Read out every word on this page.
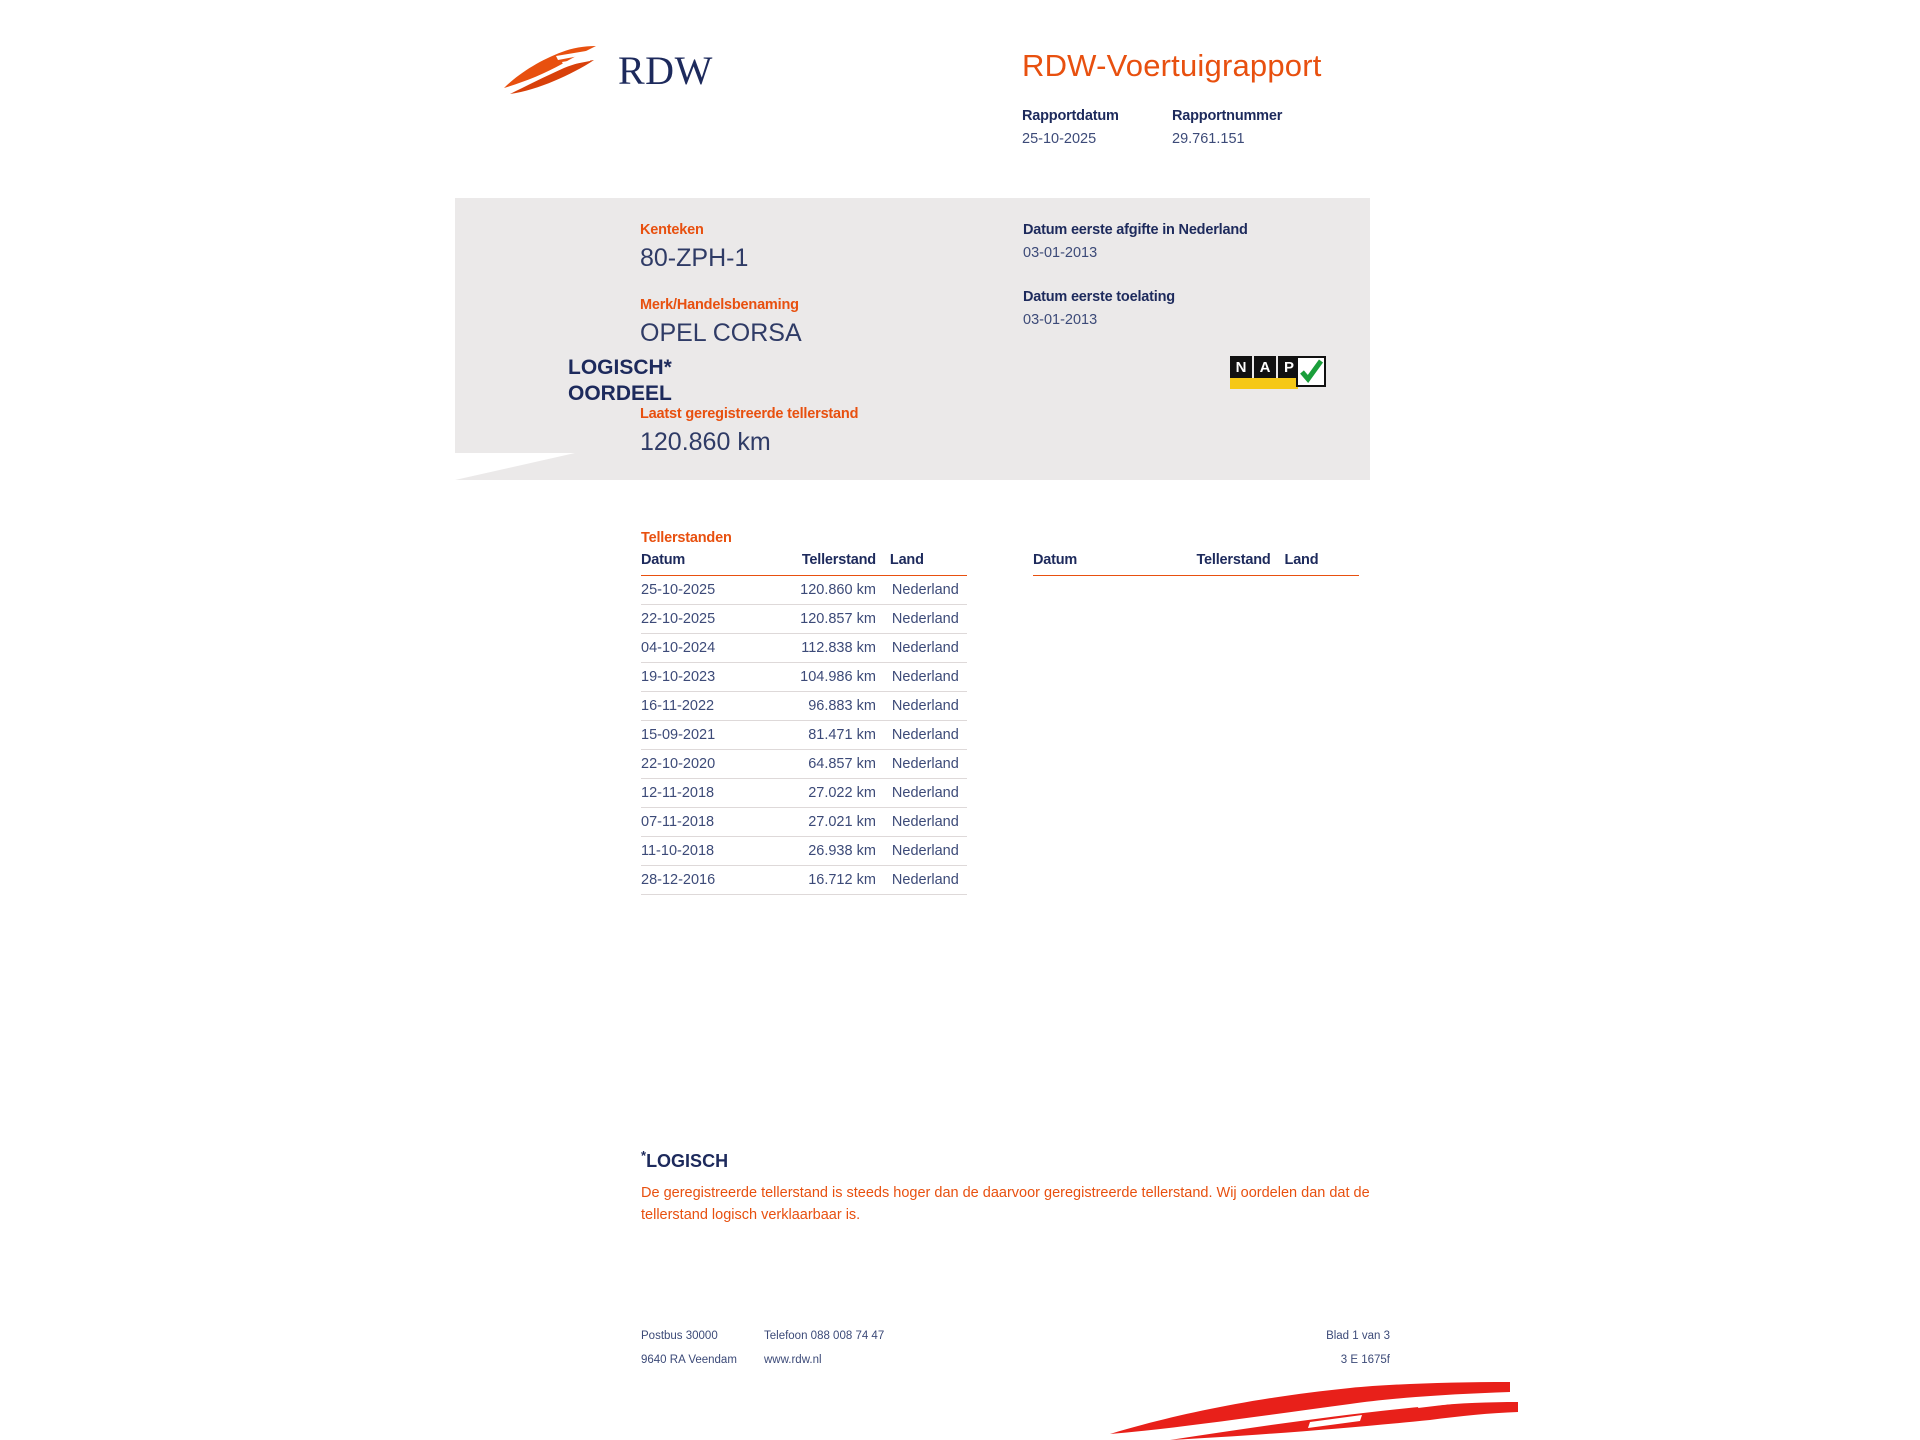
RDW	RDW-Voertuigrapport
Rapportdatum
25-10-2025
Rapportnummer
29.761.151
Kenteken
80-ZPH-1
Merk/Handelsbenaming
OPEL CORSA
Laatst geregistreerde tellerstand
120.860 km
Datum eerste afgifte in Nederland
03-01-2013
Datum eerste toelating
03-01-2013
LOGISCH*
OORDEEL
N A P
Tellerstanden
Datum	Tellerstand	Land
25-10-2025	120.860 km	Nederland
22-10-2025	120.857 km	Nederland
04-10-2024	112.838 km	Nederland
19-10-2023	104.986 km	Nederland
16-11-2022	96.883 km	Nederland
15-09-2021	81.471 km	Nederland
22-10-2020	64.857 km	Nederland
12-11-2018	27.022 km	Nederland
07-11-2018	27.021 km	Nederland
11-10-2018	26.938 km	Nederland
28-12-2016	16.712 km	Nederland
Datum	Tellerstand	Land
*LOGISCH
De geregistreerde tellerstand is steeds hoger dan de daarvoor geregistreerde tellerstand. Wij oordelen dan dat de tellerstand logisch verklaarbaar is.
Postbus 30000	Telefoon 088 008 74 47
9640 RA Veendam	www.rdw.nl
Blad 1 van 3
3 E 1675f
